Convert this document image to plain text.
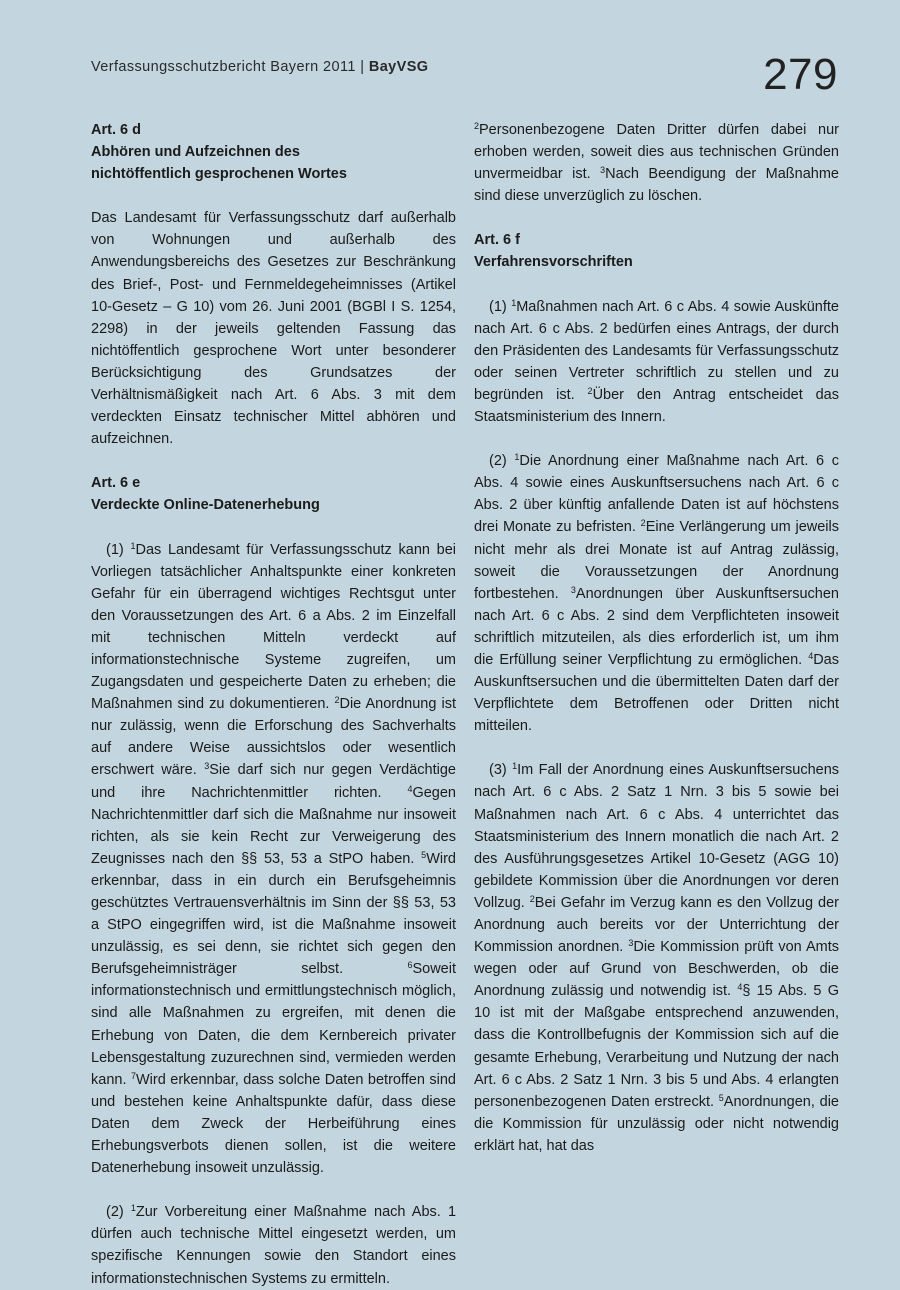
Verfassungsschutzbericht Bayern 2011 | BayVSG	279
Art. 6 d
Abhören und Aufzeichnen des
nichtöffentlich gesprochenen Wortes

Das Landesamt für Verfassungsschutz darf außerhalb von Wohnungen und außerhalb des Anwendungsbereichs des Gesetzes zur Beschränkung des Brief-, Post- und Fernmeldegeheimnisses (Artikel 10-Gesetz – G 10) vom 26. Juni 2001 (BGBl I S. 1254, 2298) in der jeweils geltenden Fassung das nichtöffentlich gesprochene Wort unter besonderer Berücksichtigung des Grundsatzes der Verhältnismäßigkeit nach Art. 6 Abs. 3 mit dem verdeckten Einsatz technischer Mittel abhören und aufzeichnen.

Art. 6 e
Verdeckte Online-Datenerhebung

(1) $^1$Das Landesamt für Verfassungsschutz kann bei Vorliegen tatsächlicher Anhaltspunkte einer konkreten Gefahr für ein überragend wichtiges Rechtsgut unter den Voraussetzungen des Art. 6 a Abs. 2 im Einzelfall mit technischen Mitteln verdeckt auf informationstechnische Systeme zugreifen, um Zugangsdaten und gespeicherte Daten zu erheben; die Maßnahmen sind zu dokumentieren. $^2$Die Anordnung ist nur zulässig, wenn die Erforschung des Sachverhalts auf andere Weise aussichtslos oder wesentlich erschwert wäre. $^3$Sie darf sich nur gegen Verdächtige und ihre Nachrichtenmittler richten. $^4$Gegen Nachrichtenmittler darf sich die Maßnahme nur insoweit richten, als sie kein Recht zur Verweigerung des Zeugnisses nach den §§ 53, 53 a StPO haben. $^5$Wird erkennbar, dass in ein durch ein Berufsgeheimnis geschütztes Vertrauensverhältnis im Sinn der §§ 53, 53 a StPO eingegriffen wird, ist die Maßnahme insoweit unzulässig, es sei denn, sie richtet sich gegen den Berufsgeheimnisträger selbst. $^6$Soweit informationstechnisch und ermittlungstechnisch möglich, sind alle Maßnahmen zu ergreifen, mit denen die Erhebung von Daten, die dem Kernbereich privater Lebensgestaltung zuzurechnen sind, vermieden werden kann. $^7$Wird erkennbar, dass solche Daten betroffen sind und bestehen keine Anhaltspunkte dafür, dass diese Daten dem Zweck der Herbeiführung eines Erhebungsverbots dienen sollen, ist die weitere Datenerhebung insoweit unzulässig.

(2) $^1$Zur Vorbereitung einer Maßnahme nach Abs. 1 dürfen auch technische Mittel eingesetzt werden, um spezifische Kennungen sowie den Standort eines informationstechnischen Systems zu ermitteln.

$^2$Personenbezogene Daten Dritter dürfen dabei nur erhoben werden, soweit dies aus technischen Gründen unvermeidbar ist. $^3$Nach Beendigung der Maßnahme sind diese unverzüglich zu löschen.

Art. 6 f
Verfahrensvorschriften

(1) $^1$Maßnahmen nach Art. 6 c Abs. 4 sowie Auskünfte nach Art. 6 c Abs. 2 bedürfen eines Antrags, der durch den Präsidenten des Landesamts für Verfassungsschutz oder seinen Vertreter schriftlich zu stellen und zu begründen ist. $^2$Über den Antrag entscheidet das Staatsministerium des Innern.

(2) $^1$Die Anordnung einer Maßnahme nach Art. 6 c Abs. 4 sowie eines Auskunftsersuchens nach Art. 6 c Abs. 2 über künftig anfallende Daten ist auf höchstens drei Monate zu befristen. $^2$Eine Verlängerung um jeweils nicht mehr als drei Monate ist auf Antrag zulässig, soweit die Voraussetzungen der Anordnung fortbestehen. $^3$Anordnungen über Auskunftsersuchen nach Art. 6 c Abs. 2 sind dem Verpflichteten insoweit schriftlich mitzuteilen, als dies erforderlich ist, um ihm die Erfüllung seiner Verpflichtung zu ermöglichen. $^4$Das Auskunftsersuchen und die übermittelten Daten darf der Verpflichtete dem Betroffenen oder Dritten nicht mitteilen.

(3) $^1$Im Fall der Anordnung eines Auskunftsersuchens nach Art. 6 c Abs. 2 Satz 1 Nrn. 3 bis 5 sowie bei Maßnahmen nach Art. 6 c Abs. 4 unterrichtet das Staatsministerium des Innern monatlich die nach Art. 2 des Ausführungsgesetzes Artikel 10-Gesetz (AGG 10) gebildete Kommission über die Anordnungen vor deren Vollzug. $^2$Bei Gefahr im Verzug kann es den Vollzug der Anordnung auch bereits vor der Unterrichtung der Kommission anordnen. $^3$Die Kommission prüft von Amts wegen oder auf Grund von Beschwerden, ob die Anordnung zulässig und notwendig ist. $^4$§ 15 Abs. 5 G 10 ist mit der Maßgabe entsprechend anzuwenden, dass die Kontrollbefugnis der Kommission sich auf die gesamte Erhebung, Verarbeitung und Nutzung der nach Art. 6 c Abs. 2 Satz 1 Nrn. 3 bis 5 und Abs. 4 erlangten personenbezogenen Daten erstreckt. $^5$Anordnungen, die die Kommission für unzulässig oder nicht notwendig erklärt hat, hat das
